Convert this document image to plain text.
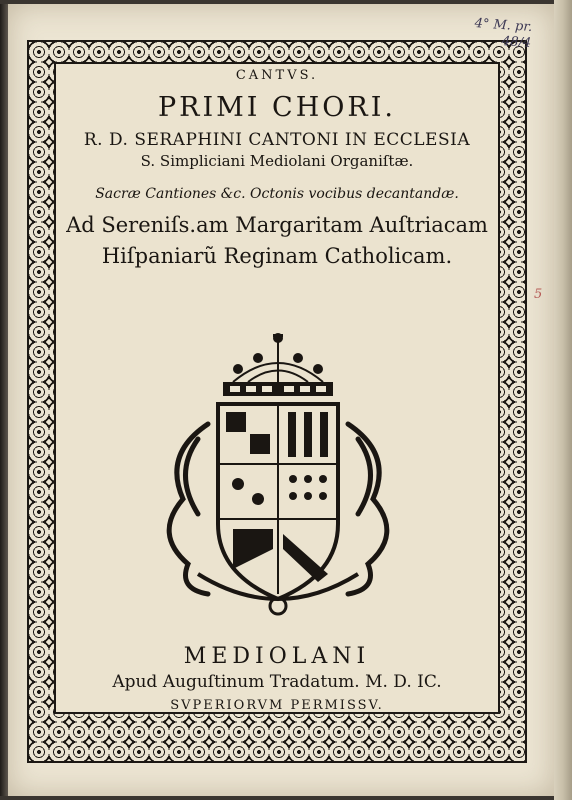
CANTVS.
PRIMI CHORI.
R. D. SERAPHINI CANTONI IN ECCLESIA
S. Simpliciani Mediolani Organiſtæ.
Sacræ Cantiones &c. Octonis vocibus decantandæ.
Ad Sereniſs.am Margaritam Auſtriacam
Hiſpaniarũ Reginam Catholicam.
MEDIOLANI
Apud Auguſtinum Tradatum. M. D. IC.
SVPERIORVM PERMISSV.
4° M. pr.
48/4
5
